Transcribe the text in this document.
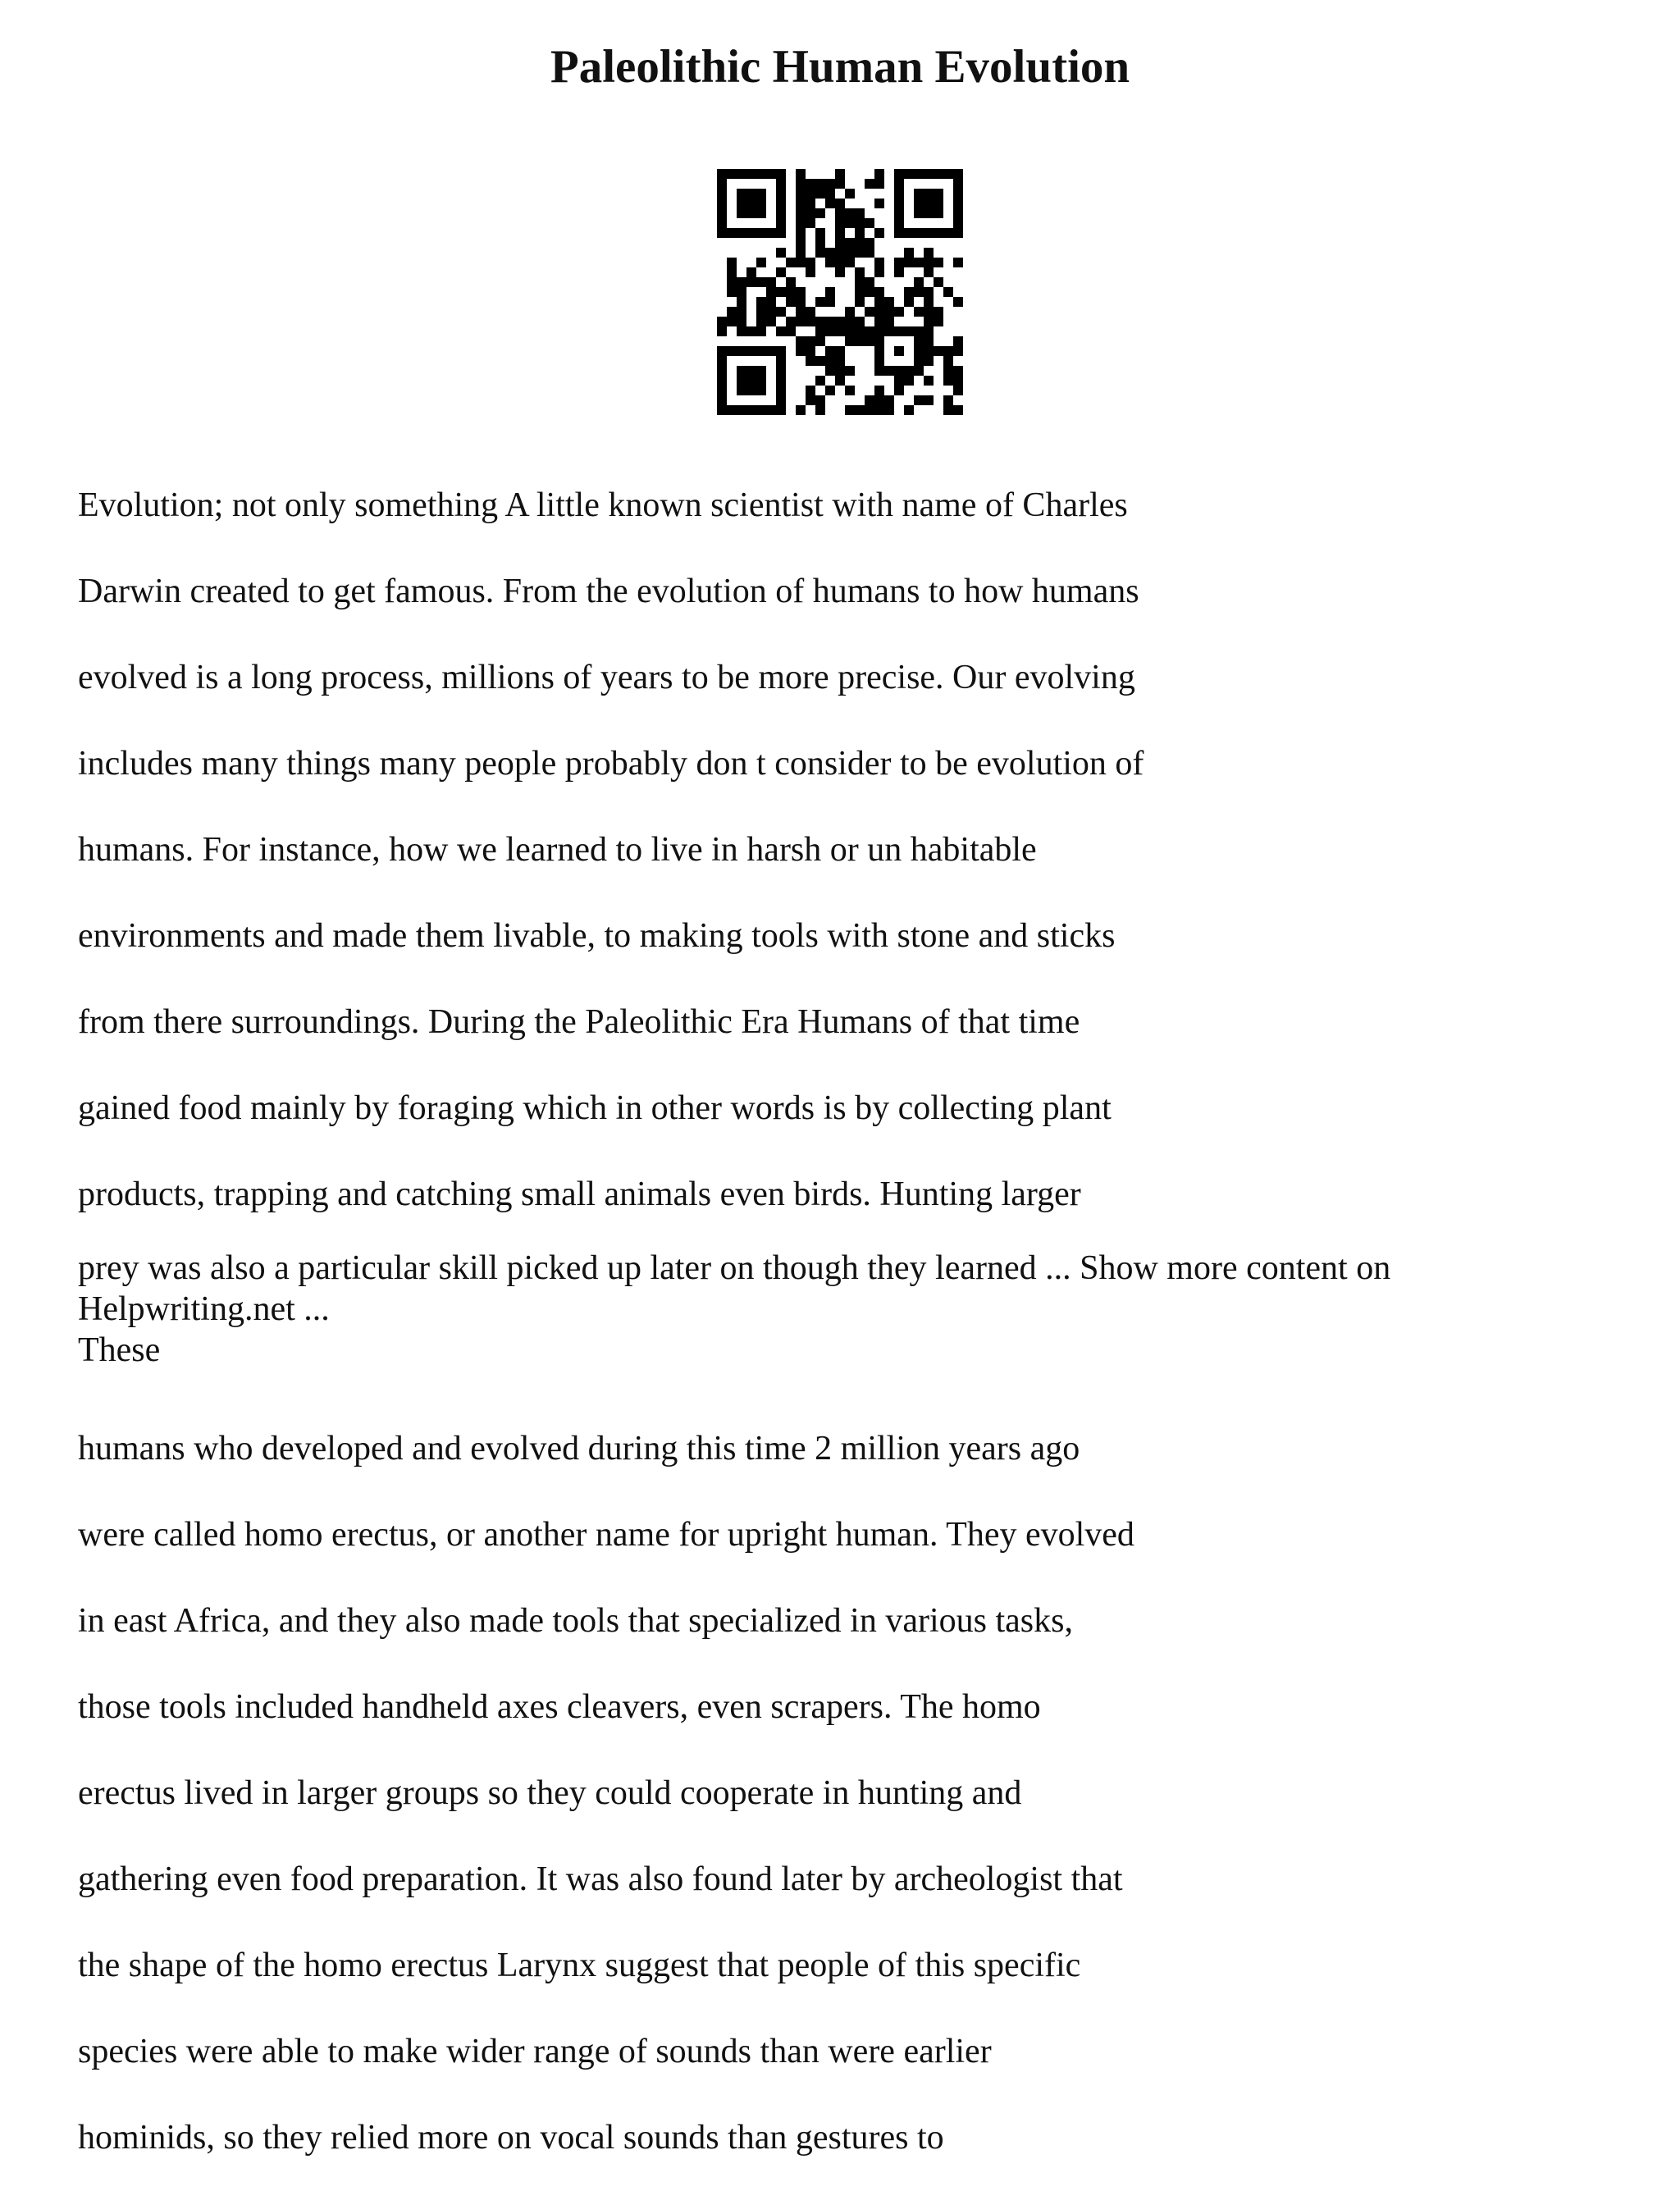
Paleolithic Human Evolution
Evolution; not only something A little known scientist with name of Charles
Darwin created to get famous. From the evolution of humans to how humans
evolved is a long process, millions of years to be more precise. Our evolving
includes many things many people probably don t consider to be evolution of
humans. For instance, how we learned to live in harsh or un habitable
environments and made them livable, to making tools with stone and sticks
from there surroundings. During the Paleolithic Era Humans of that time
gained food mainly by foraging which in other words is by collecting plant
products, trapping and catching small animals even birds. Hunting larger
prey was also a particular skill picked up later on though they learned ... Show more content on
Helpwriting.net ...
These
humans who developed and evolved during this time 2 million years ago
were called homo erectus, or another name for upright human. They evolved
in east Africa, and they also made tools that specialized in various tasks,
those tools included handheld axes cleavers, even scrapers. The homo
erectus lived in larger groups so they could cooperate in hunting and
gathering even food preparation. It was also found later by archeologist that
the shape of the homo erectus Larynx suggest that people of this specific
species were able to make wider range of sounds than were earlier
hominids, so they relied more on vocal sounds than gestures to
